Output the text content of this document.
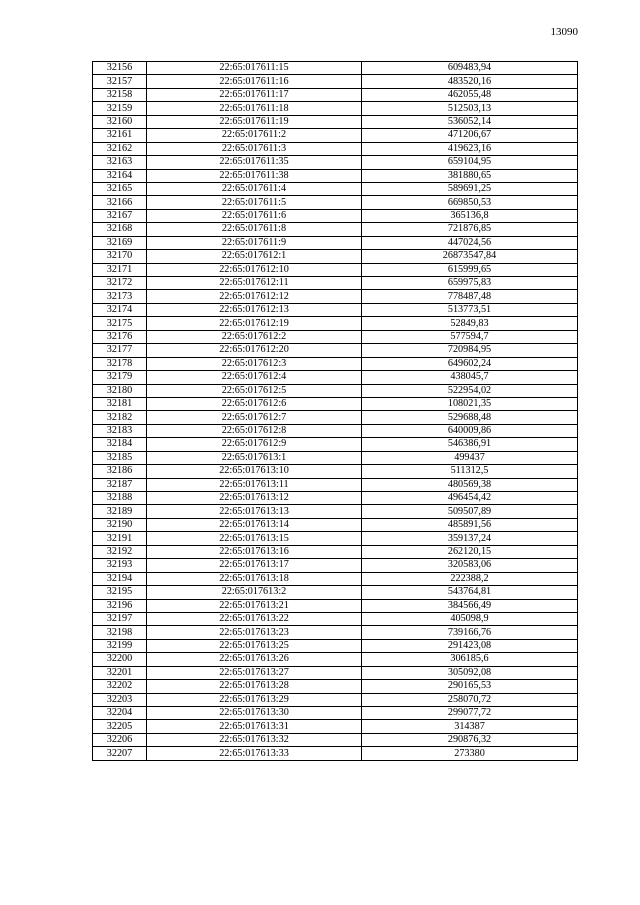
13090
32156	22:65:017611:15	609483,94
32157	22:65:017611:16	483520,16
32158	22:65:017611:17	462055,48
32159	22:65:017611:18	512503,13
32160	22:65:017611:19	536052,14
32161	22:65:017611:2	471206,67
32162	22:65:017611:3	419623,16
32163	22:65:017611:35	659104,95
32164	22:65:017611:38	381880,65
32165	22:65:017611:4	589691,25
32166	22:65:017611:5	669850,53
32167	22:65:017611:6	365136,8
32168	22:65:017611:8	721876,85
32169	22:65:017611:9	447024,56
32170	22:65:017612:1	26873547,84
32171	22:65:017612:10	615999,65
32172	22:65:017612:11	659975,83
32173	22:65:017612:12	778487,48
32174	22:65:017612:13	513773,51
32175	22:65:017612:19	52849,83
32176	22:65:017612:2	577594,7
32177	22:65:017612:20	720984,95
32178	22:65:017612:3	649602,24
32179	22:65:017612:4	438045,7
32180	22:65:017612:5	522954,02
32181	22:65:017612:6	108021,35
32182	22:65:017612:7	529688,48
32183	22:65:017612:8	640009,86
32184	22:65:017612:9	546386,91
32185	22:65:017613:1	499437
32186	22:65:017613:10	511312,5
32187	22:65:017613:11	480569,38
32188	22:65:017613:12	496454,42
32189	22:65:017613:13	509507,89
32190	22:65:017613:14	485891,56
32191	22:65:017613:15	359137,24
32192	22:65:017613:16	262120,15
32193	22:65:017613:17	320583,06
32194	22:65:017613:18	222388,2
32195	22:65:017613:2	543764,81
32196	22:65:017613:21	384566,49
32197	22:65:017613:22	405098,9
32198	22:65:017613:23	739166,76
32199	22:65:017613:25	291423,08
32200	22:65:017613:26	306185,6
32201	22:65:017613:27	305092,08
32202	22:65:017613:28	290165,53
32203	22:65:017613:29	258070,72
32204	22:65:017613:30	299077,72
32205	22:65:017613:31	314387
32206	22:65:017613:32	290876,32
32207	22:65:017613:33	273380
